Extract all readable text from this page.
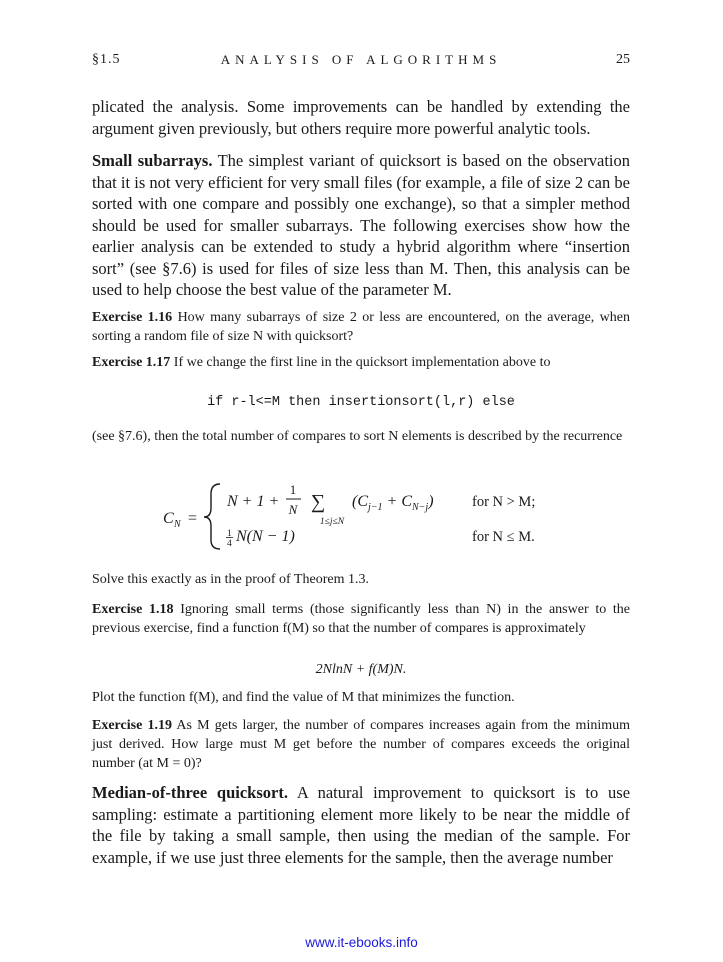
§1.5	ANALYSIS OF ALGORITHMS	25

plicated the analysis. Some improvements can be handled by extending the argument given previously, but others require more powerful analytic tools.

Small subarrays. The simplest variant of quicksort is based on the observation that it is not very efficient for very small files (for example, a file of size 2 can be sorted with one compare and possibly one exchange), so that a simpler method should be used for smaller subarrays. The following exercises show how the earlier analysis can be extended to study a hybrid algorithm where “insertion sort” (see §7.6) is used for files of size less than M. Then, this analysis can be used to help choose the best value of the parameter M.

Exercise 1.16 How many subarrays of size 2 or less are encountered, on the average, when sorting a random file of size N with quicksort?

Exercise 1.17 If we change the first line in the quicksort implementation above to

if r-l<=M then insertionsort(l,r) else

(see §7.6), then the total number of compares to sort N elements is described by the recurrence

C N =
N + 1 +
1
N ∑
1≤j≤N
$(C_{j-1} + C_{N-j})$	for N > M;
1
4 N(N − 1)	for N ≤ M.

Solve this exactly as in the proof of Theorem 1.3.

Exercise 1.18 Ignoring small terms (those significantly less than N) in the answer to the previous exercise, find a function f(M) so that the number of compares is approximately

2NlnN + f(M)N.

Plot the function f(M), and find the value of M that minimizes the function.

Exercise 1.19 As M gets larger, the number of compares increases again from the minimum just derived. How large must M get before the number of compares exceeds the original number (at M = 0)?

Median-of-three quicksort. A natural improvement to quicksort is to use sampling: estimate a partitioning element more likely to be near the middle of the file by taking a small sample, then using the median of the sample. For example, if we use just three elements for the sample, then the average number

www.it-ebooks.info
